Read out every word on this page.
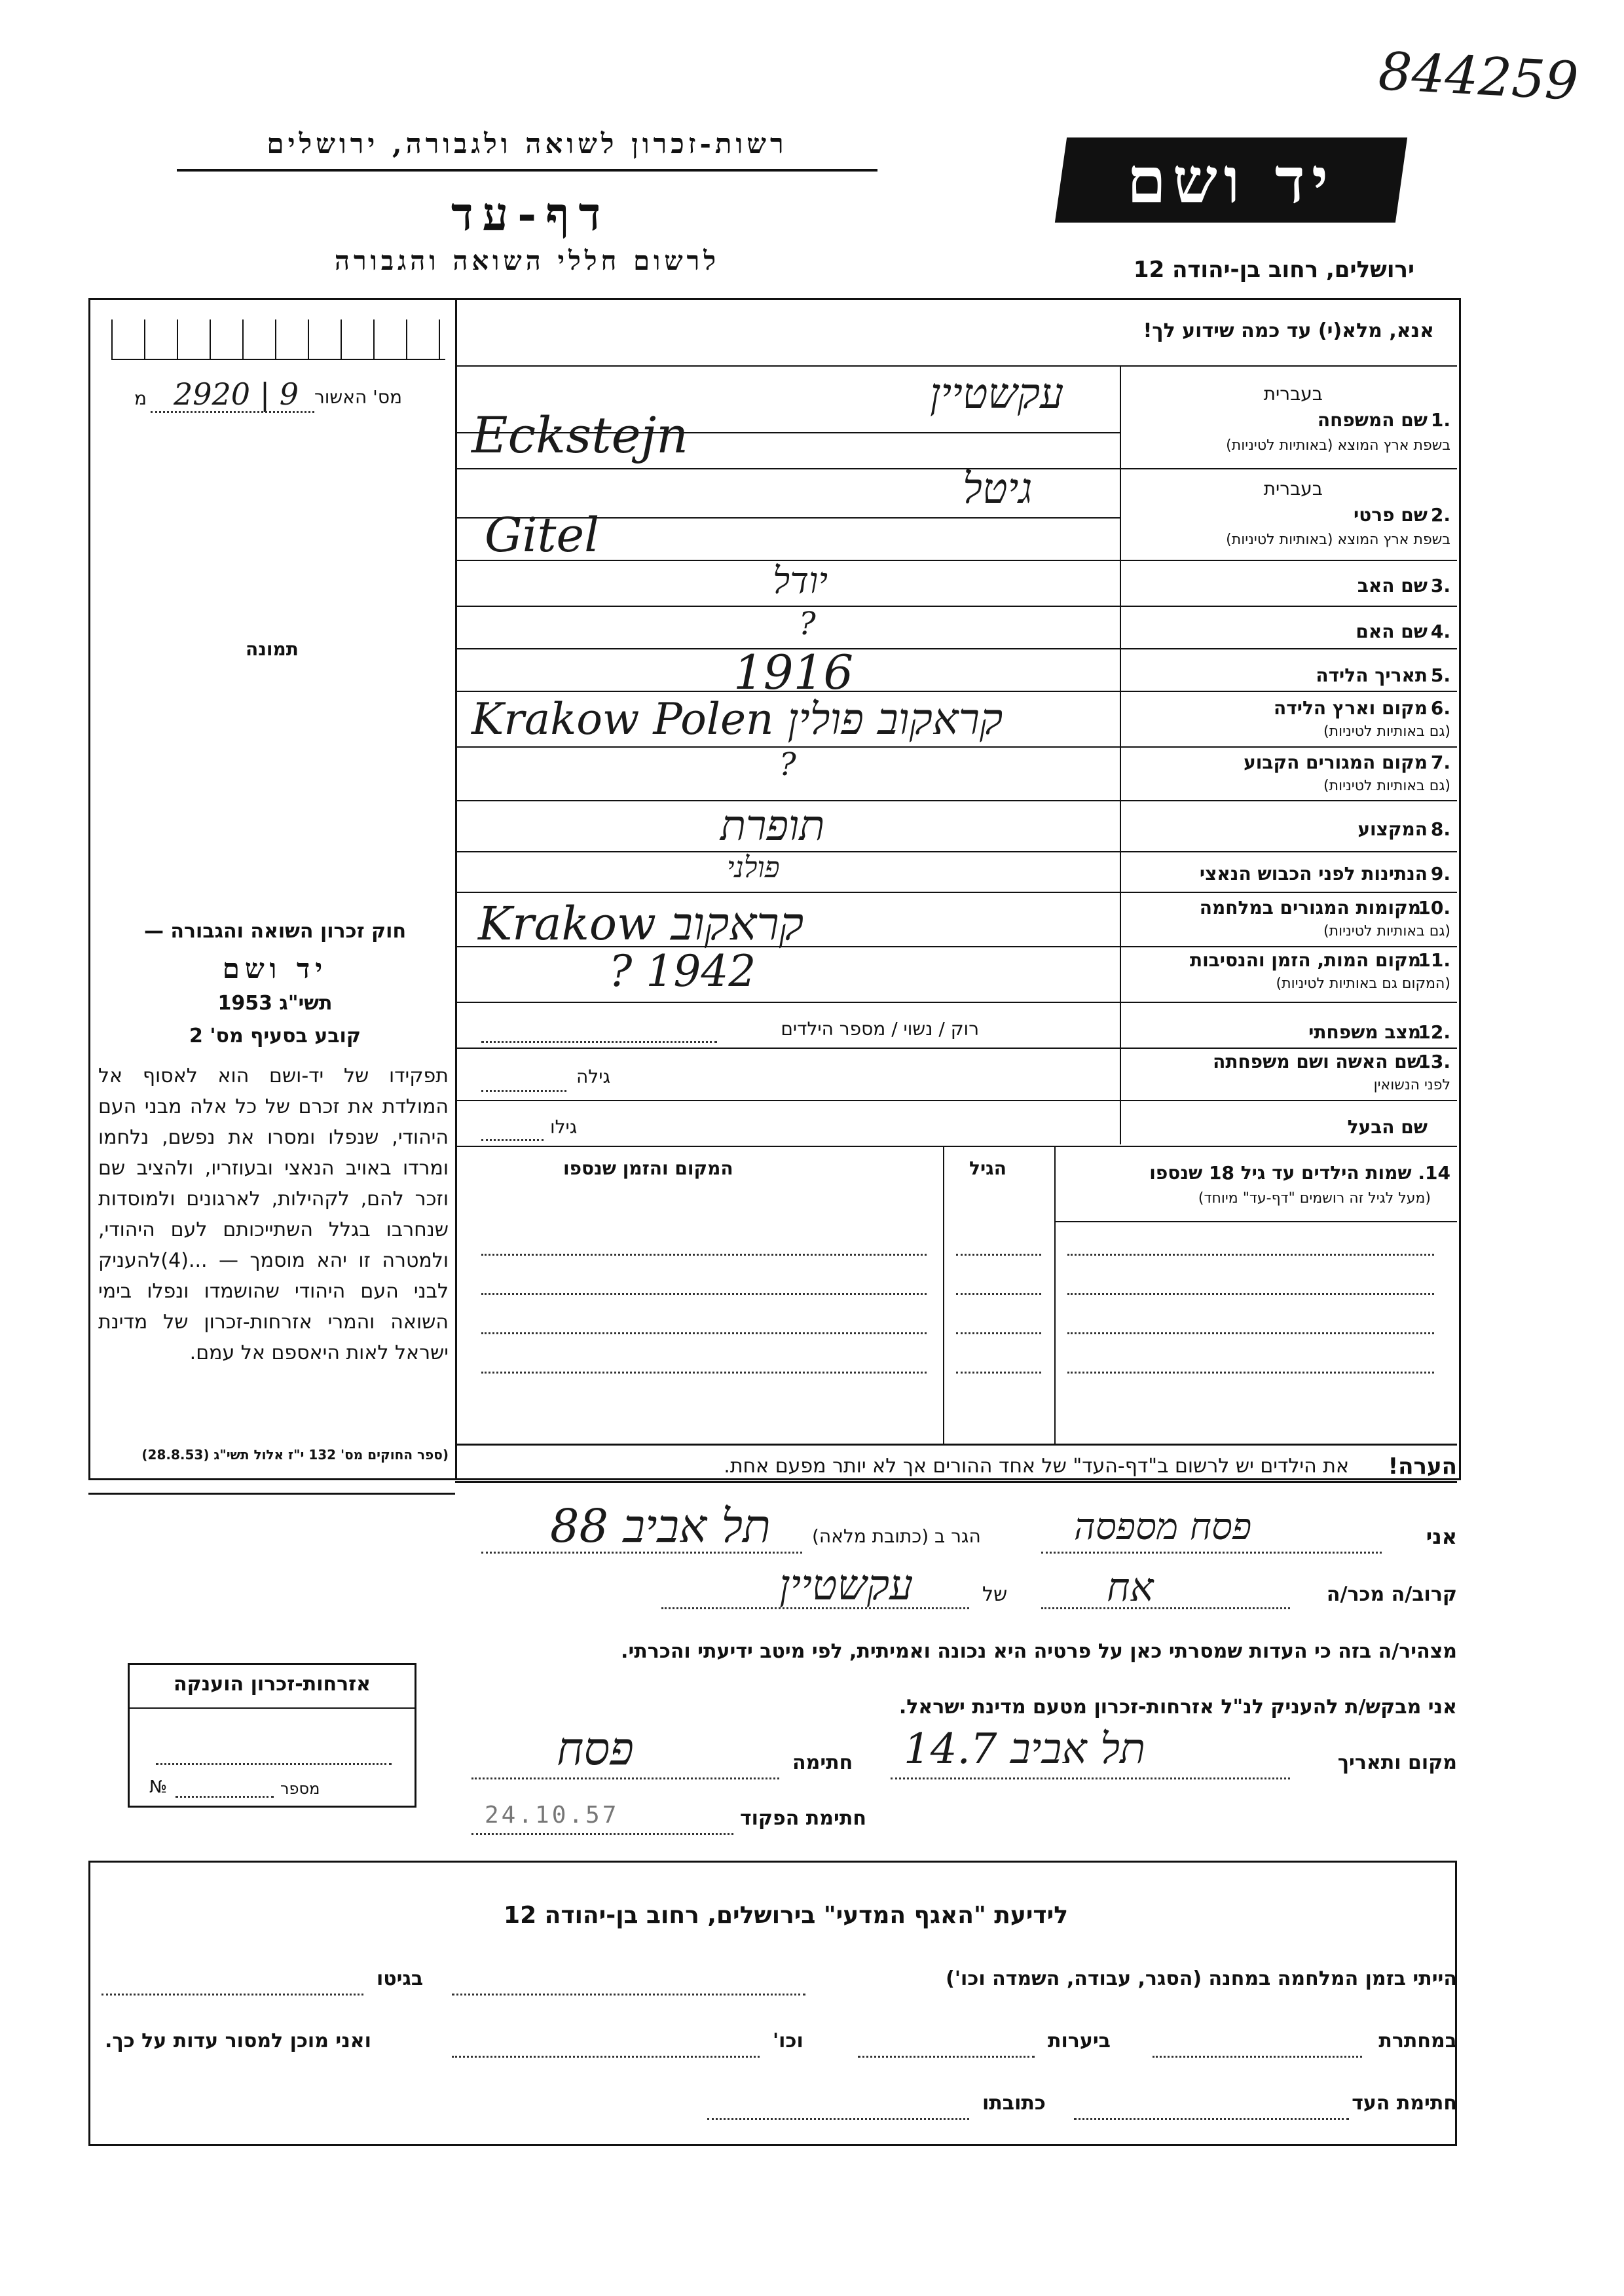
844259
רשות-זכרון לשואה ולגבורה, ירושלים
דף-עד
לרשום חללי השואה והגבורה
יד ושם
ירושלים, רחוב בן-יהודה 12
אנא, מלא(י) עד כמה שידוע לך!
מס' האשור
2920 | 9
מ
תמונה
בעברית
1.
שם המשפחה
בשפת ארץ המוצא (באותיות לטיניות)
עקשטיין
Eckstejn
בעברית
2.
שם פרטי
בשפת ארץ המוצא (באותיות לטיניות)
גיטל
Gitel
3.
שם האב
יודל
4.
שם האם
?
5.
תאריך הלידה
1916
6.
מקום וארץ הלידה
(גם באותיות לטיניות)
Krakow Polen קראקוב פולין
7.
מקום המגורים הקבוע
(גם באותיות לטיניות)
?
8.
המקצוע
תופרת
9.
הנתינות לפני הכבוש הנאצי
פולני
10.
מקומות המגורים במלחמה
(גם באותיות לטיניות)
Krakow קראקוב
11.
מקום המות, הזמן והנסיבות
(המקום גם באותיות לטיניות)
? 1942
12.
מצב משפחתי
רוק / נשוי / מספר הילדים
13.
שם האשה ושם משפחתה
לפני הנשואין
גילה
שם הבעל
גילו
14. שמות הילדים עד גיל 18 שנספו
(מעל לגיל זה רושמים "דף-עד" מיוחד)
הגיל
המקום והזמן שנספו
חוק זכרון השואה והגבורה —
יד ושם
תשי"ג 1953
קובע בסעיף מס' 2
תפקידו של יד-ושם הוא לאסוף אל המולדת את זכרם של כל אלה מבני העם היהודי, שנפלו ומסרו את נפשם, נלחמו ומרדו באויב הנאצי ובעוזריו, ולהציב שם וזכר להם, לקהילות, לארגונים ולמוסדות שנחרבו בגלל השתייכותם לעם היהודי, ולמטרה זו יהא מוסמך — ...(4)להעניק לבני העם היהודי שהושמדו ונפלו בימי השואה והמרי אזרחות-זכרון של מדינת ישראל לאות היאספם אל עמם.
(ספר החוקים מס' 132 י"ז אלול תשי"ג (28.8.53)	הערה!
את הילדים יש לרשום ב"דף-העד" של אחד ההורים אך לא יותר מפעם אחת.
אני
פסח מספסה
הגר ב (כתובת מלאה)
תל אביב 88
קרוב/ה מכר/ה
אח
של
עקשטיין
מצהיר/ה בזה כי העדות שמסרתי כאן על פרטיה היא נכונה ואמיתית, לפי מיטב ידיעתי והכרתי.
אני מבקש/ת להעניק לנ"ל אזרחות-זכרון מטעם מדינת ישראל.
מקום ותאריך
תל אביב 14.7
חתימה
פסח
חתימת הפקוד
24.10.57
אזרחות-זכרון הוענקה
מספר
№
לידיעת "האגף המדעי" בירושלים, רחוב בן-יהודה 12
הייתי בזמן המלחמה במחנה (הסגר, עבודה, השמדה וכו')
בגיטו
במחתרת
ביערות
וכו'
ואני מוכן למסור עדות על כך.
חתימת העד
כתובתו
